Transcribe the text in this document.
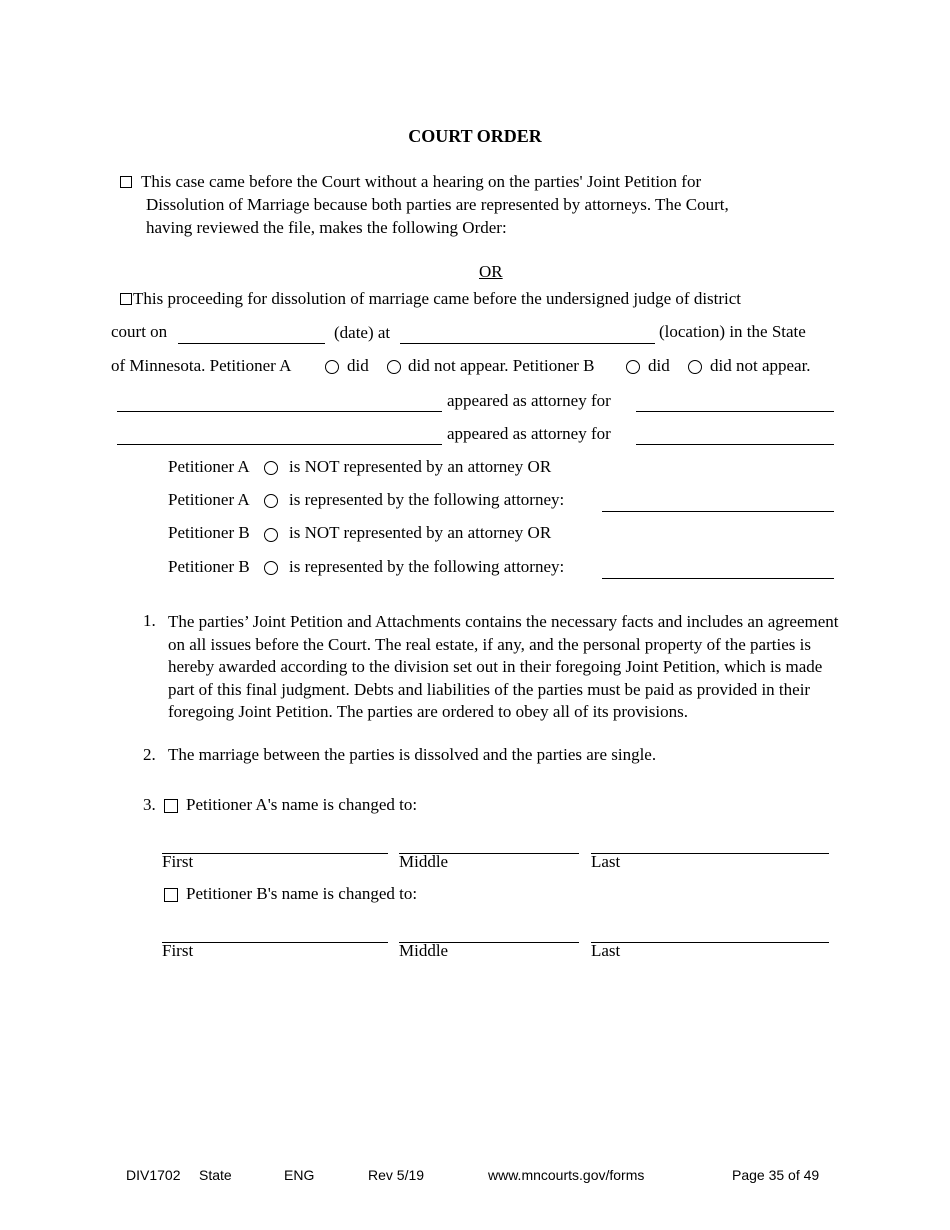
COURT ORDER
This case came before the Court without a hearing on the parties' Joint Petition for
Dissolution of Marriage because both parties are represented by attorneys. The Court,
having reviewed the file, makes the following Order:
OR
This proceeding for dissolution of marriage came before the undersigned judge of district
court on	(date) at	(location) in the State
of Minnesota. Petitioner A	did did not appear. Petitioner B	did did not appear.
appeared as attorney for
appeared as attorney for
Petitioner A is NOT represented by an attorney OR
Petitioner A is represented by the following attorney:
Petitioner B is NOT represented by an attorney OR
Petitioner B is represented by the following attorney:
1. The parties’ Joint Petition and Attachments contains the necessary facts and includes an agreement on all issues before the Court. The real estate, if any, and the personal property of the parties is hereby awarded according to the division set out in their foregoing Joint Petition, which is made part of this final judgment. Debts and liabilities of the parties must be paid as provided in their foregoing Joint Petition. The parties are ordered to obey all of its provisions.
2. The marriage between the parties is dissolved and the parties are single.
3. Petitioner A's name is changed to:
First	Middle	Last
Petitioner B's name is changed to:
First	Middle	Last
DIV1702 State	ENG	Rev 5/19	www.mncourts.gov/forms	Page 35 of 49
